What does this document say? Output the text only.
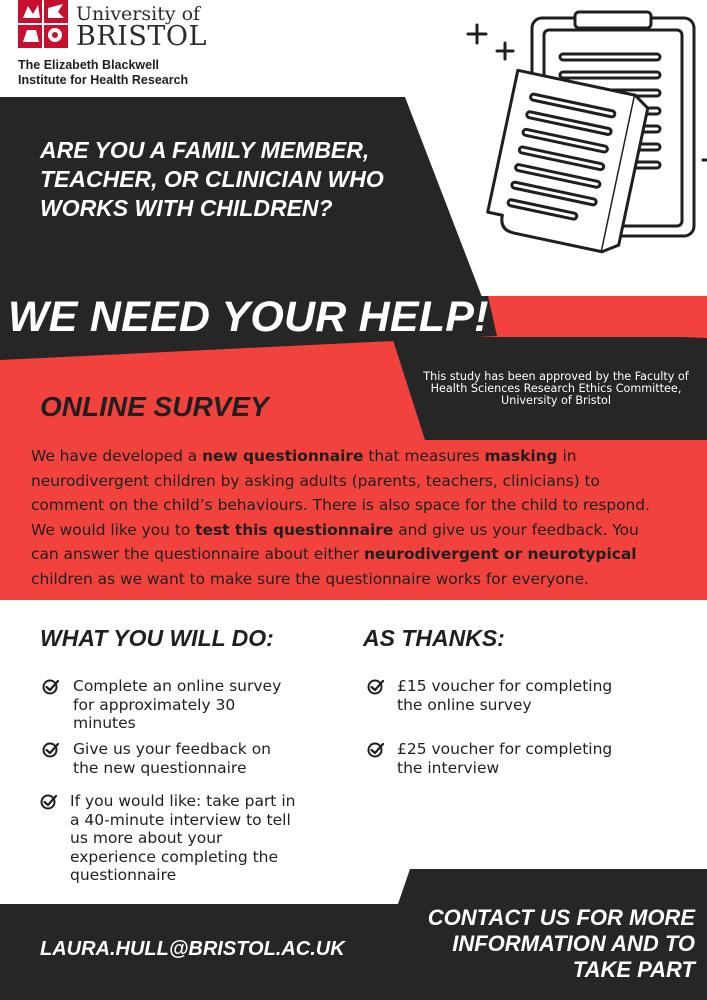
University of
BRISTOL
The Elizabeth Blackwell
Institute for Health Research
ARE YOU A FAMILY MEMBER,
TEACHER, OR CLINICIAN WHO
WORKS WITH CHILDREN?
WE NEED YOUR HELP!
This study has been approved by the Faculty of
Health Sciences Research Ethics Committee,
University of Bristol
ONLINE SURVEY
We have developed a new questionnaire that measures masking in
neurodivergent children by asking adults (parents, teachers, clinicians) to
comment on the child’s behaviours. There is also space for the child to respond.
We would like you to test this questionnaire and give us your feedback. You
can answer the questionnaire about either neurodivergent or neurotypical
children as we want to make sure the questionnaire works for everyone.
WHAT YOU WILL DO:
Complete an online survey
for approximately 30
minutes
Give us your feedback on
the new questionnaire
If you would like: take part in
a 40-minute interview to tell
us more about your
experience completing the
questionnaire
AS THANKS:
£15 voucher for completing
the online survey
£25 voucher for completing
the interview
CONTACT US FOR MORE
INFORMATION AND TO
TAKE PART
LAURA.HULL@BRISTOL.AC.UK
